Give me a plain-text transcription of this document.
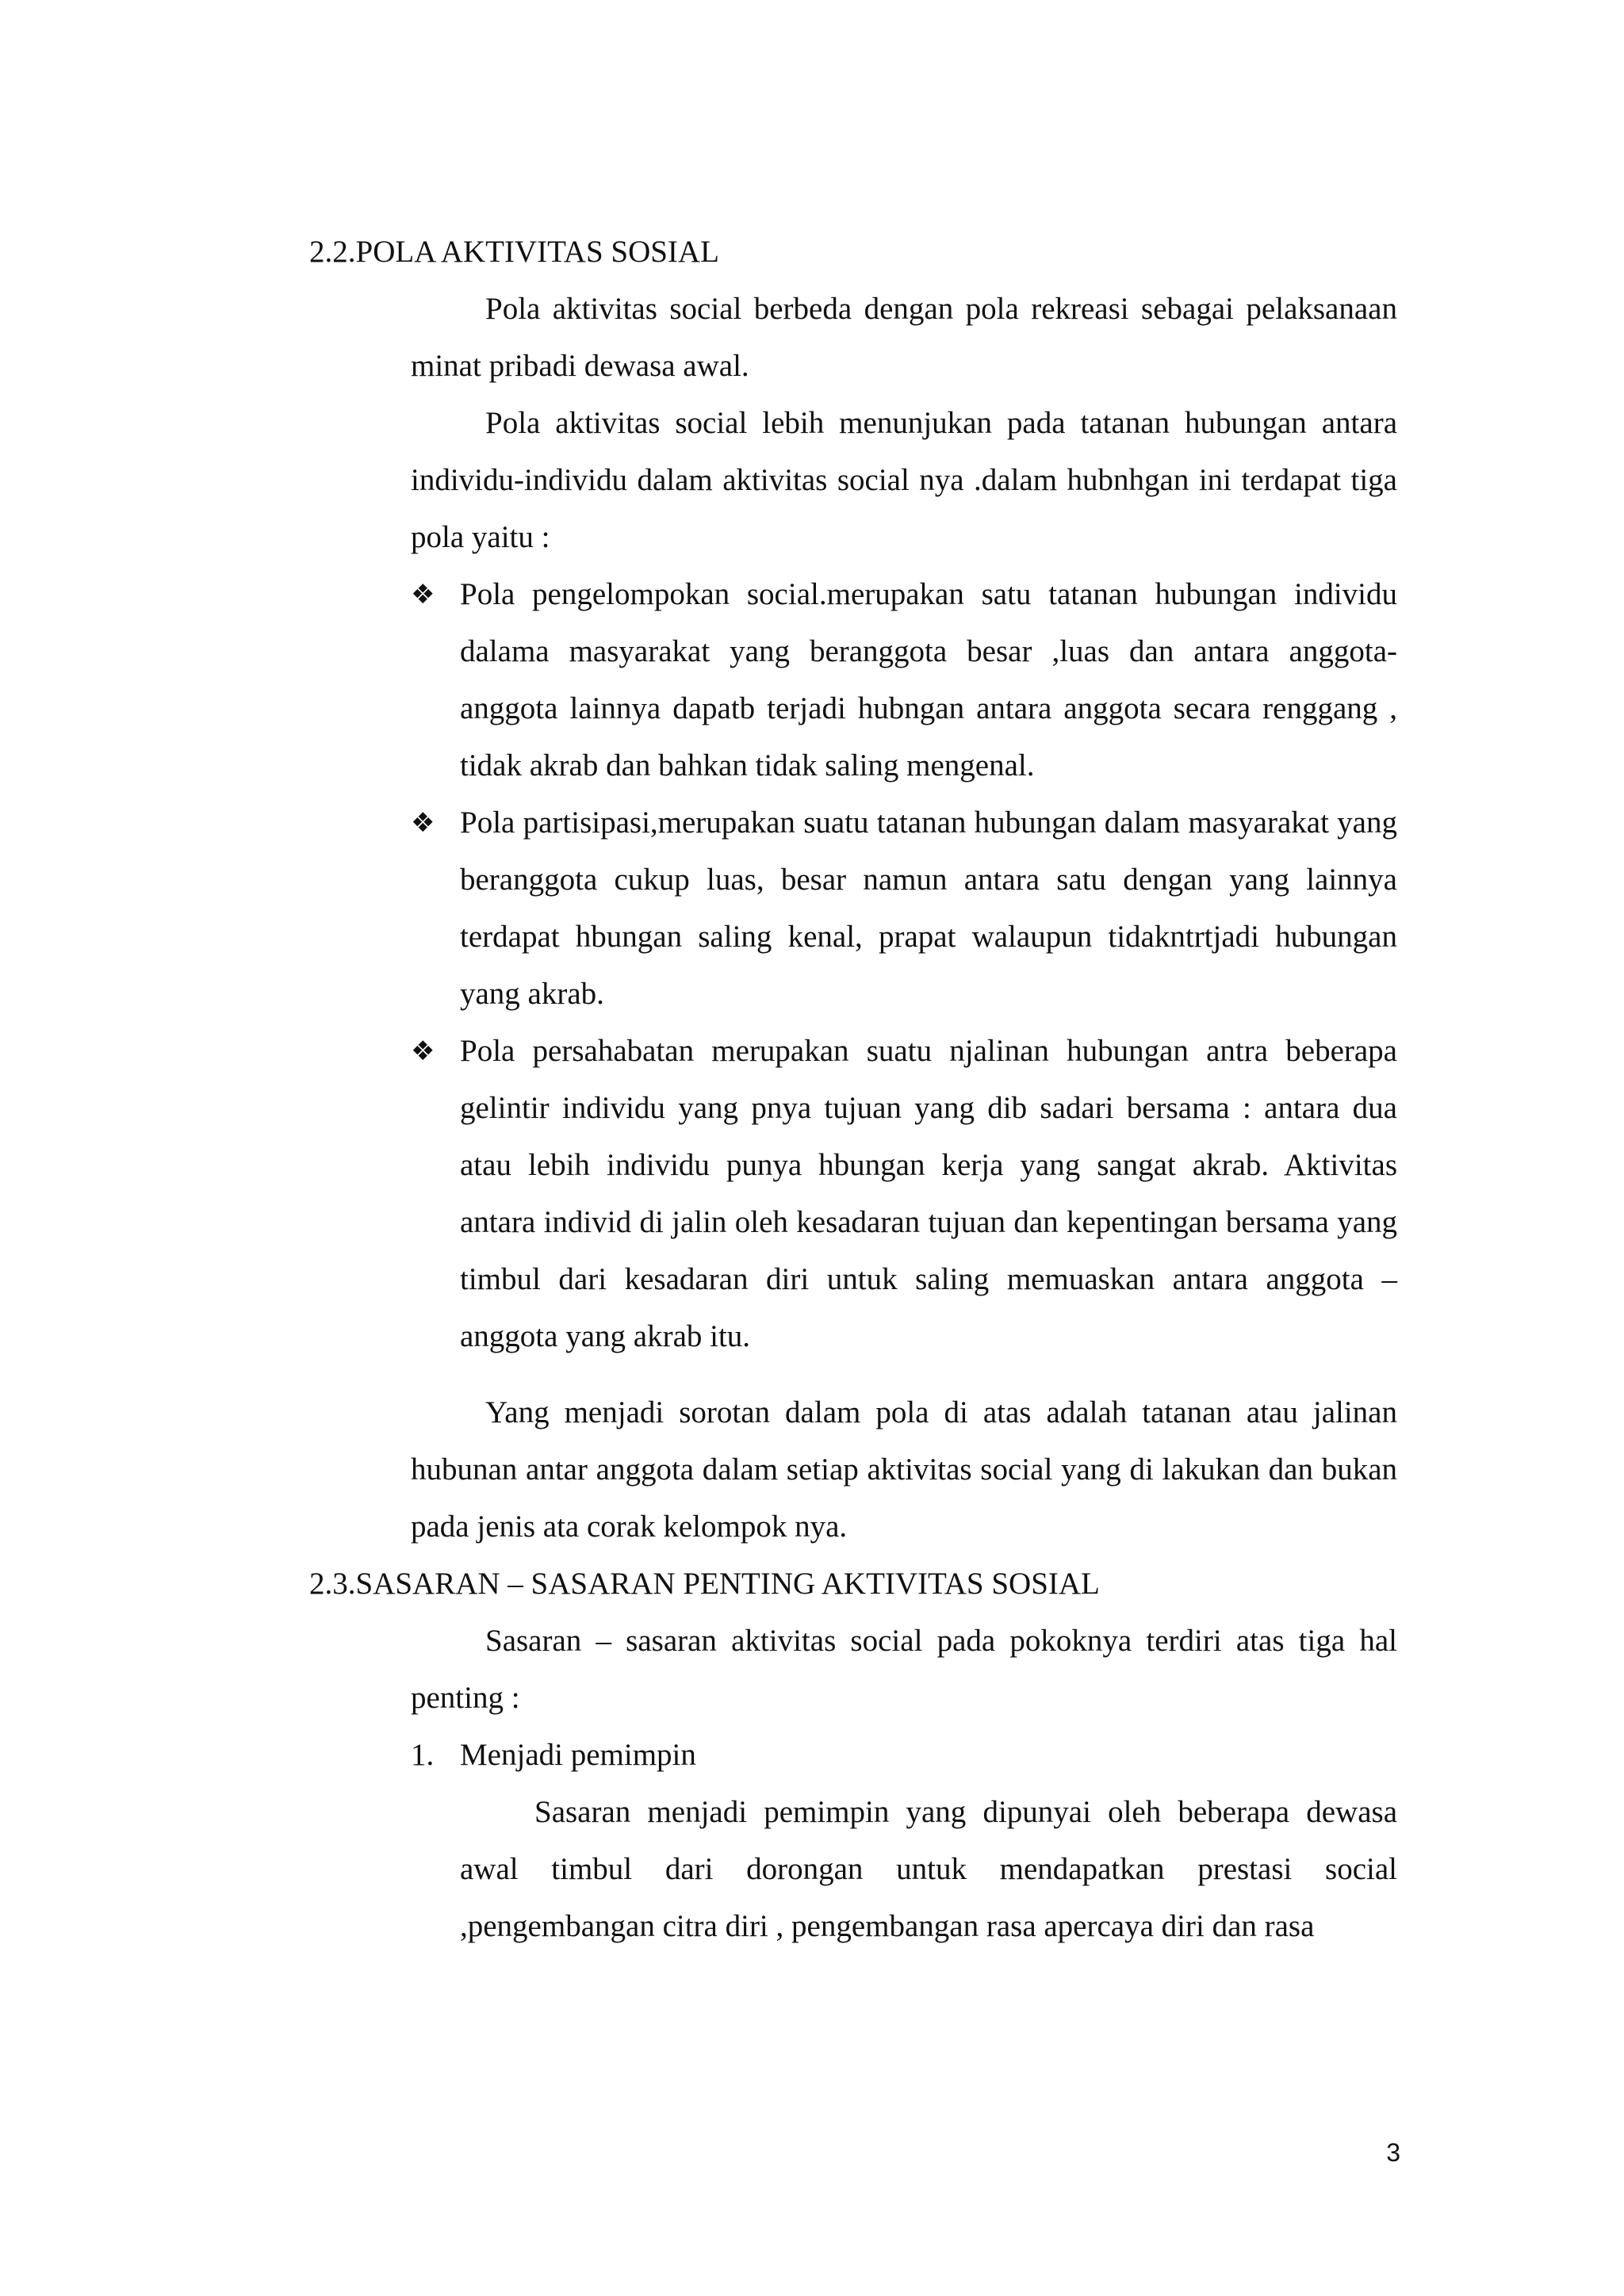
2.2.POLA AKTIVITAS SOSIAL

Pola aktivitas social berbeda dengan pola rekreasi sebagai pelaksanaan minat pribadi dewasa awal.

Pola aktivitas social lebih menunjukan pada tatanan hubungan antara individu-individu dalam aktivitas social nya .dalam hubnhgan ini terdapat tiga pola yaitu :

❖ Pola pengelompokan social.merupakan satu tatanan hubungan individu dalama masyarakat yang beranggota besar ,luas dan antara anggota-anggota lainnya dapatb terjadi hubngan antara anggota secara renggang , tidak akrab dan bahkan tidak saling mengenal.
❖ Pola partisipasi,merupakan suatu tatanan hubungan dalam masyarakat yang beranggota cukup luas, besar namun antara satu dengan yang lainnya terdapat hbungan saling kenal, prapat walaupun tidakntrtjadi hubungan yang akrab.
❖ Pola persahabatan merupakan suatu njalinan hubungan antra beberapa gelintir individu yang pnya tujuan yang dib sadari bersama : antara dua atau lebih individu punya hbungan kerja yang sangat akrab. Aktivitas antara individ di jalin oleh kesadaran tujuan dan kepentingan bersama yang timbul dari kesadaran diri untuk saling memuaskan antara anggota –anggota yang akrab itu.

Yang menjadi sorotan dalam pola di atas adalah tatanan atau jalinan hubunan antar anggota dalam setiap aktivitas social yang di lakukan dan bukan pada jenis ata corak kelompok nya.

2.3.SASARAN – SASARAN PENTING AKTIVITAS SOSIAL

Sasaran – sasaran aktivitas social pada pokoknya terdiri atas tiga hal penting :

1. Menjadi pemimpin

Sasaran menjadi pemimpin yang dipunyai oleh beberapa dewasa awal timbul dari dorongan untuk mendapatkan prestasi social ,pengembangan citra diri , pengembangan rasa apercaya diri dan rasa

3
